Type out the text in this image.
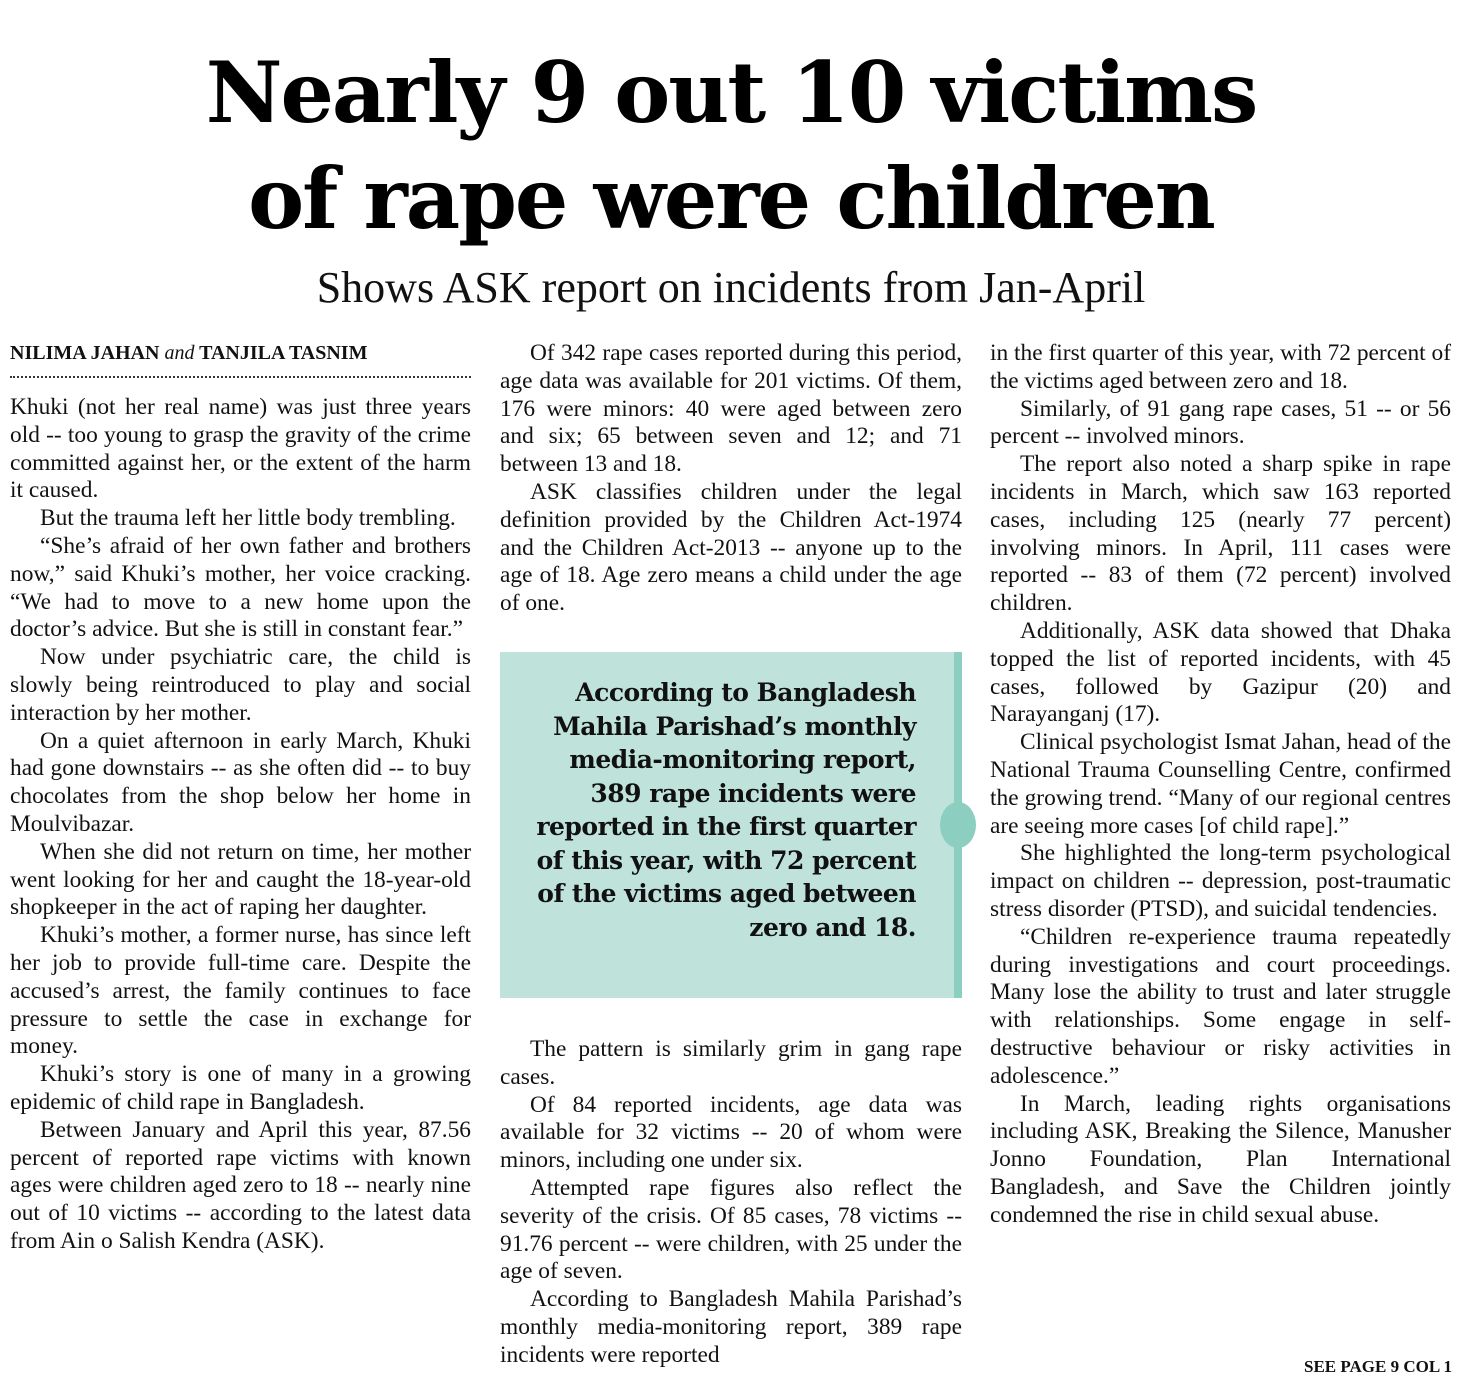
Nearly 9 out 10 victims
of rape were children
Shows ASK report on incidents from Jan-April
NILIMA JAHAN and TANJILA TASNIM

Khuki (not her real name) was just three years old -- too young to grasp the gravity of the crime committed against her, or the extent of the harm it caused.

But the trauma left her little body trembling.

“She’s afraid of her own father and brothers now,” said Khuki’s mother, her voice cracking. “We had to move to a new home upon the doctor’s advice. But she is still in constant fear.”

Now under psychiatric care, the child is slowly being reintroduced to play and social interaction by her mother.

On a quiet afternoon in early March, Khuki had gone downstairs -- as she often did -- to buy chocolates from the shop below her home in Moulvibazar.

When she did not return on time, her mother went looking for her and caught the 18-year-old shopkeeper in the act of raping her daughter.

Khuki’s mother, a former nurse, has since left her job to provide full-time care. Despite the accused’s arrest, the family continues to face pressure to settle the case in exchange for money.

Khuki’s story is one of many in a growing epidemic of child rape in Bangladesh.

Between January and April this year, 87.56 percent of reported rape victims with known ages were children aged zero to 18 -- nearly nine out of 10 victims -- according to the latest data from Ain o Salish Kendra (ASK).

Of 342 rape cases reported during this period, age data was available for 201 victims. Of them, 176 were minors: 40 were aged between zero and six; 65 between seven and 12; and 71 between 13 and 18.

ASK classifies children under the legal definition provided by the Children Act-1974 and the Children Act-2013 -- anyone up to the age of 18. Age zero means a child under the age of one.

According to Bangladesh Mahila Parishad’s monthly media-monitoring report, 389 rape incidents were reported in the first quarter of this year, with 72 percent of the victims aged between zero and 18.

The pattern is similarly grim in gang rape cases.

Of 84 reported incidents, age data was available for 32 victims -- 20 of whom were minors, including one under six.

Attempted rape figures also reflect the severity of the crisis. Of 85 cases, 78 victims -- 91.76 percent -- were children, with 25 under the age of seven.

According to Bangladesh Mahila Parishad’s monthly media-monitoring report, 389 rape incidents were reported

in the first quarter of this year, with 72 percent of the victims aged between zero and 18.

Similarly, of 91 gang rape cases, 51 -- or 56 percent -- involved minors.

The report also noted a sharp spike in rape incidents in March, which saw 163 reported cases, including 125 (nearly 77 percent) involving minors. In April, 111 cases were reported -- 83 of them (72 percent) involved children.

Additionally, ASK data showed that Dhaka topped the list of reported incidents, with 45 cases, followed by Gazipur (20) and Narayanganj (17).

Clinical psychologist Ismat Jahan, head of the National Trauma Counselling Centre, confirmed the growing trend. “Many of our regional centres are seeing more cases [of child rape].”

She highlighted the long-term psychological impact on children -- depression, post-traumatic stress disorder (PTSD), and suicidal tendencies.

“Children re-experience trauma repeatedly during investigations and court proceedings. Many lose the ability to trust and later struggle with relationships. Some engage in self-destructive behaviour or risky activities in adolescence.”

In March, leading rights organisations including ASK, Breaking the Silence, Manusher Jonno Foundation, Plan International Bangladesh, and Save the Children jointly condemned the rise in child sexual abuse.

SEE PAGE 9 COL 1
